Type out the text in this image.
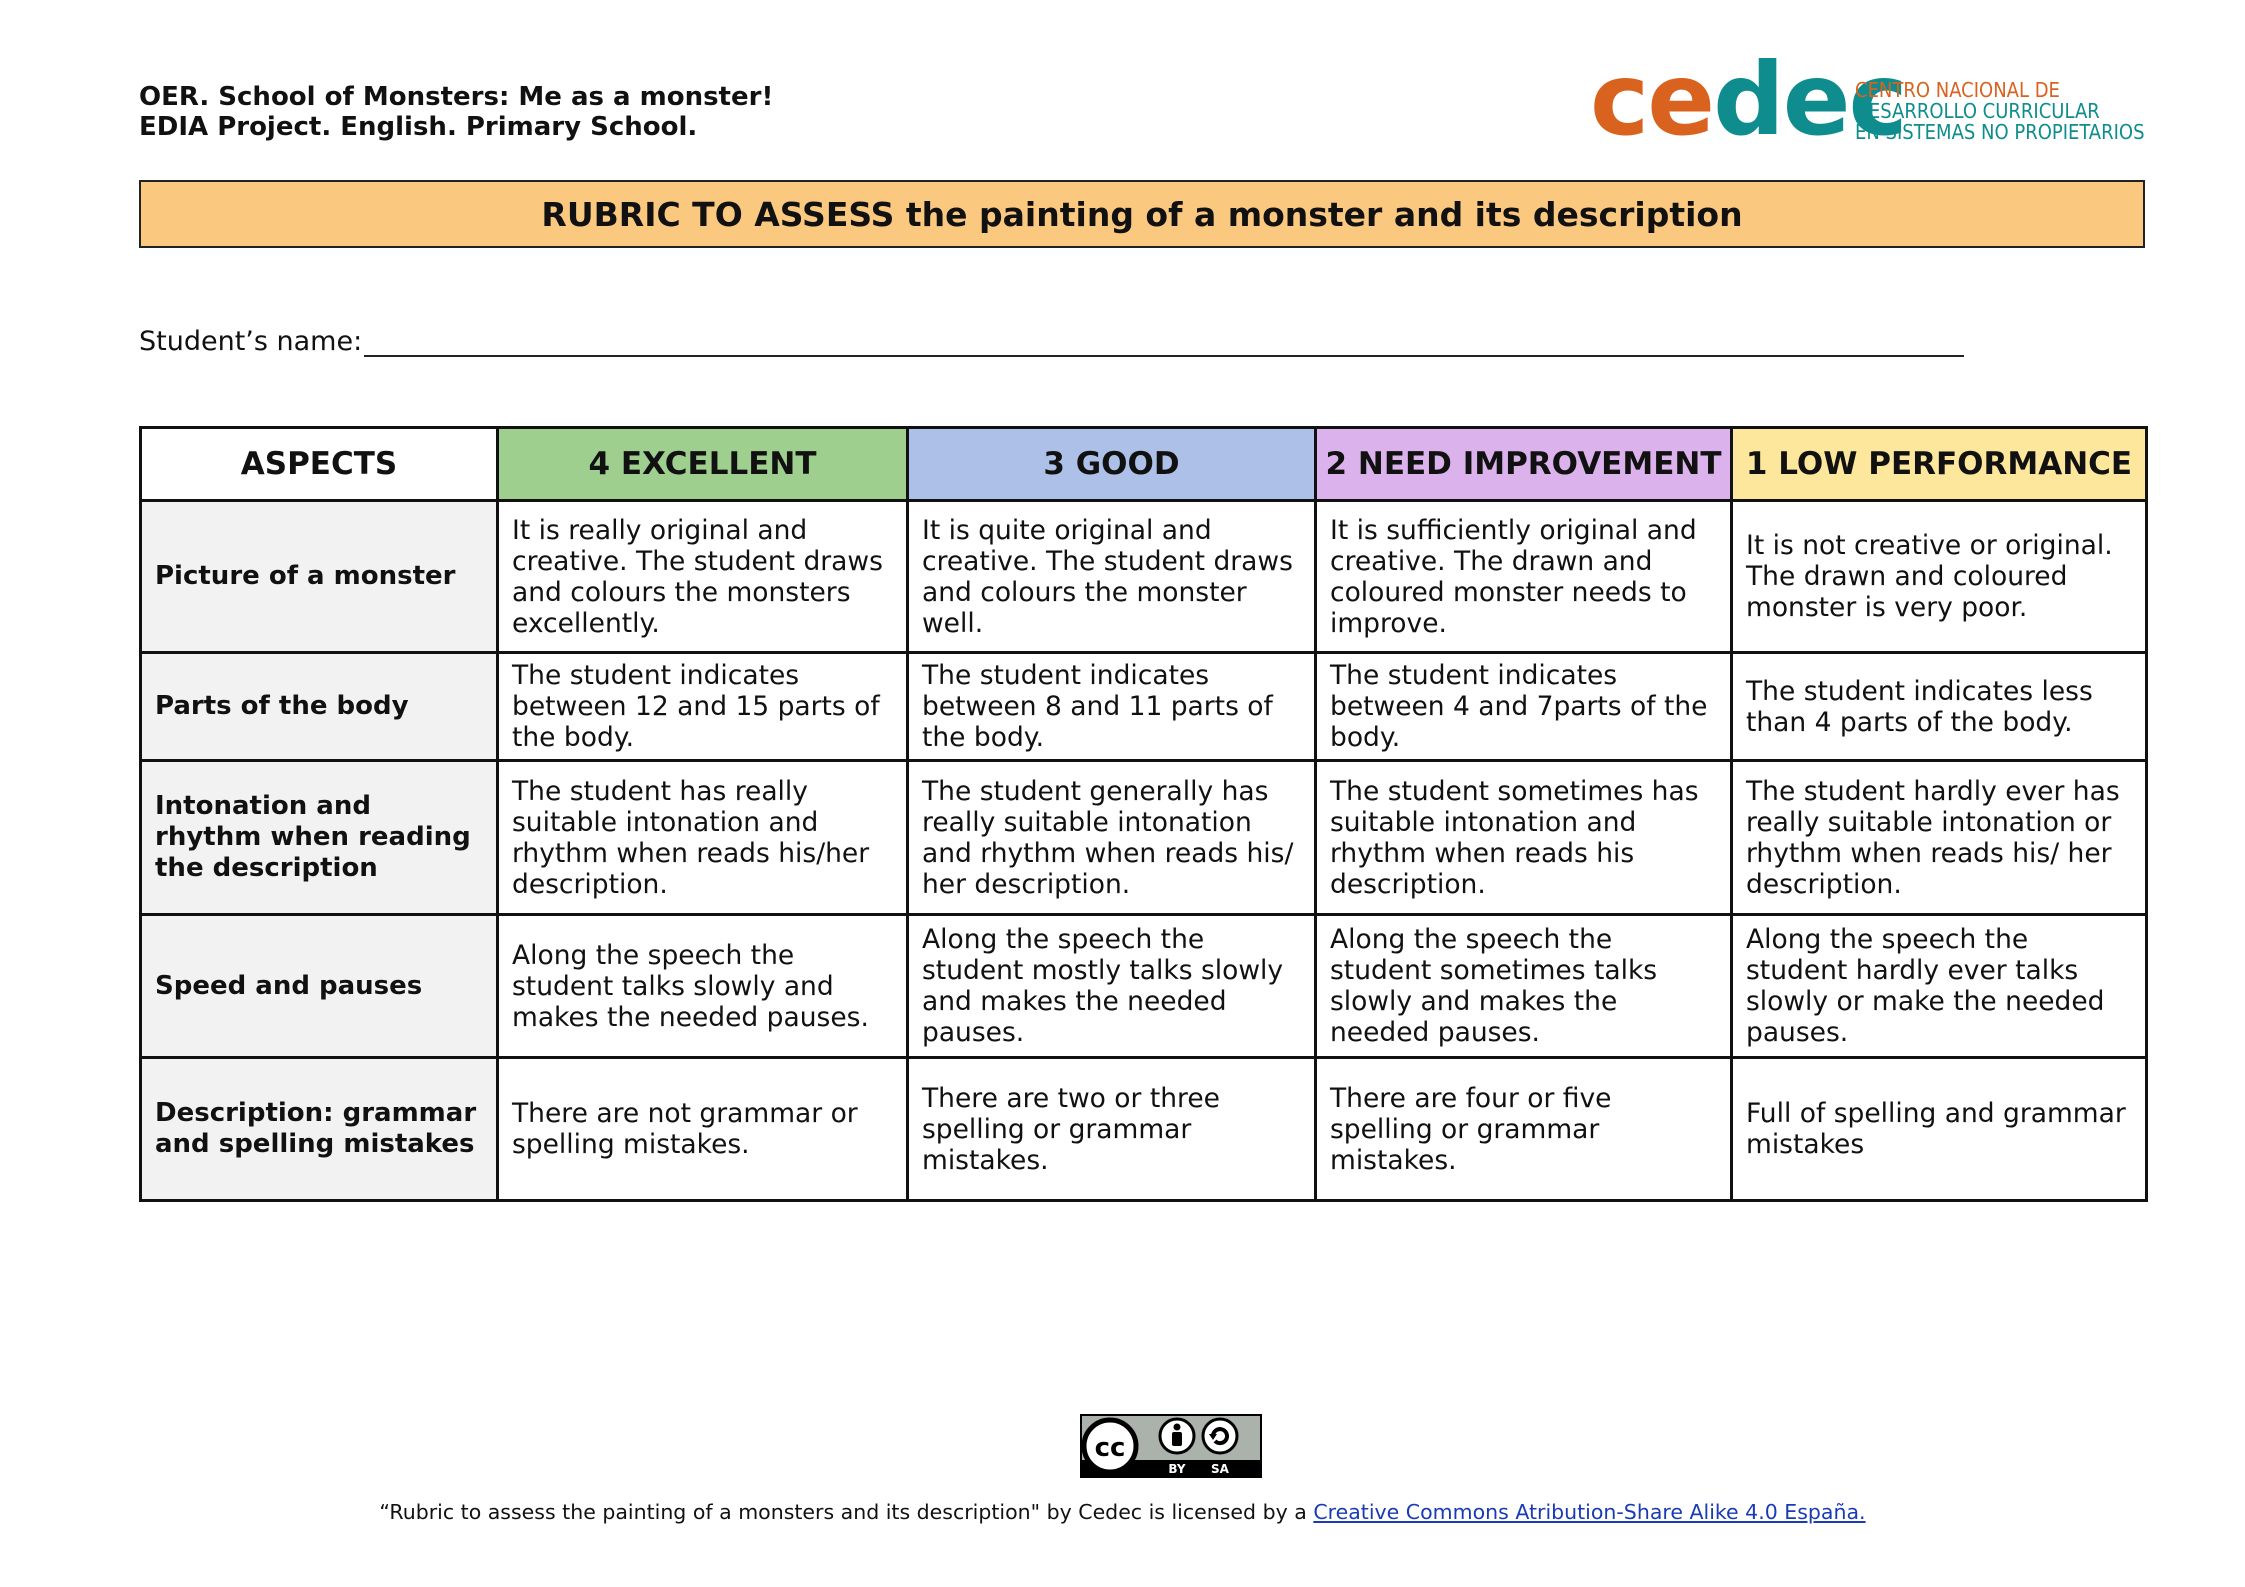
OER. School of Monsters: Me as a monster!
EDIA Project. English. Primary School.	cedec
CENTRO NACIONAL DE
DESARROLLO CURRICULAR
EN SISTEMAS NO PROPIETARIOS
RUBRIC TO ASSESS the painting of a monster and its description
Student’s name:
ASPECTS	4 EXCELLENT	3 GOOD	2 NEED IMPROVEMENT	1 LOW PERFORMANCE
Picture of a monster	It is really original and creative. The student draws and colours the monsters excellently.	It is quite original and creative. The student draws and colours the monster well.	It is sufficiently original and creative. The drawn and coloured monster needs to improve.	It is not creative or original. The drawn and coloured monster is very poor.
Parts of the body	The student indicates between 12 and 15 parts of the body.	The student indicates between 8 and 11 parts of the body.	The student indicates between 4 and 7parts of the body.	The student indicates less than 4 parts of the body.
Intonation and rhythm when reading the description	The student has really suitable intonation and rhythm when reads his/her description.	The student generally has really suitable intonation and rhythm when reads his/ her description.	The student sometimes has suitable intonation and rhythm when reads his description.	The student hardly ever has really suitable intonation or rhythm when reads his/ her description.
Speed and pauses	Along the speech the student talks slowly and makes the needed pauses.	Along the speech the student mostly talks slowly and makes the needed pauses.	Along the speech the student sometimes talks slowly and makes the needed pauses.	Along the speech the student hardly ever talks slowly or make the needed pauses.
Description: grammar and spelling mistakes	There are not grammar or spelling mistakes.	There are two or three spelling or grammar mistakes.	There are four or five spelling or grammar mistakes.	Full of spelling and grammar mistakes
cc
BY SA
“Rubric to assess the painting of a monsters and its description" by Cedec is licensed by a Creative Commons Atribution-Share Alike 4.0 España.
